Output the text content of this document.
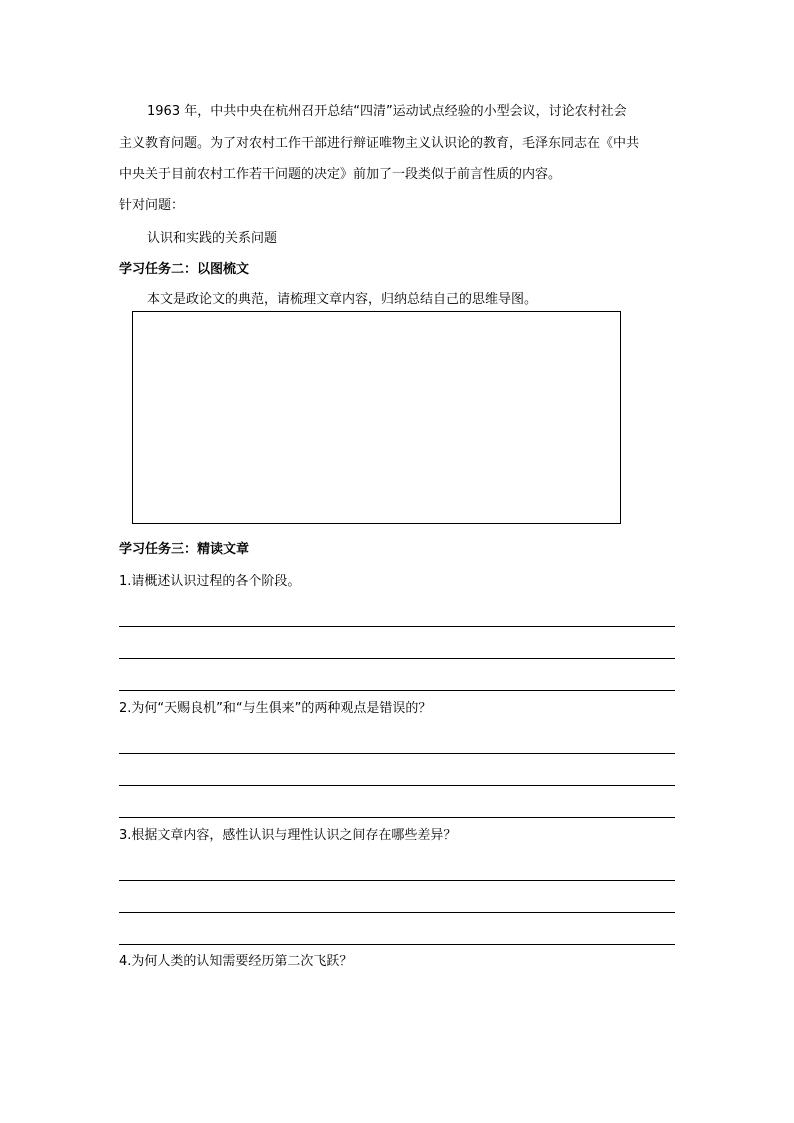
1963 年，中共中央在杭州召开总结“四清”运动试点经验的小型会议，讨论农村社会
主义教育问题。为了对农村工作干部进行辩证唯物主义认识论的教育，毛泽东同志在《中共
中央关于目前农村工作若干问题的决定》前加了一段类似于前言性质的内容。
针对问题：
认识和实践的关系问题
学习任务二：以图梳文
本文是政论文的典范，请梳理文章内容，归纳总结自己的思维导图。
学习任务三：精读文章
1.请概述认识过程的各个阶段。
2.为何“天赐良机”和“与生俱来”的两种观点是错误的？
3.根据文章内容，感性认识与理性认识之间存在哪些差异？
4.为何人类的认知需要经历第二次飞跃？
